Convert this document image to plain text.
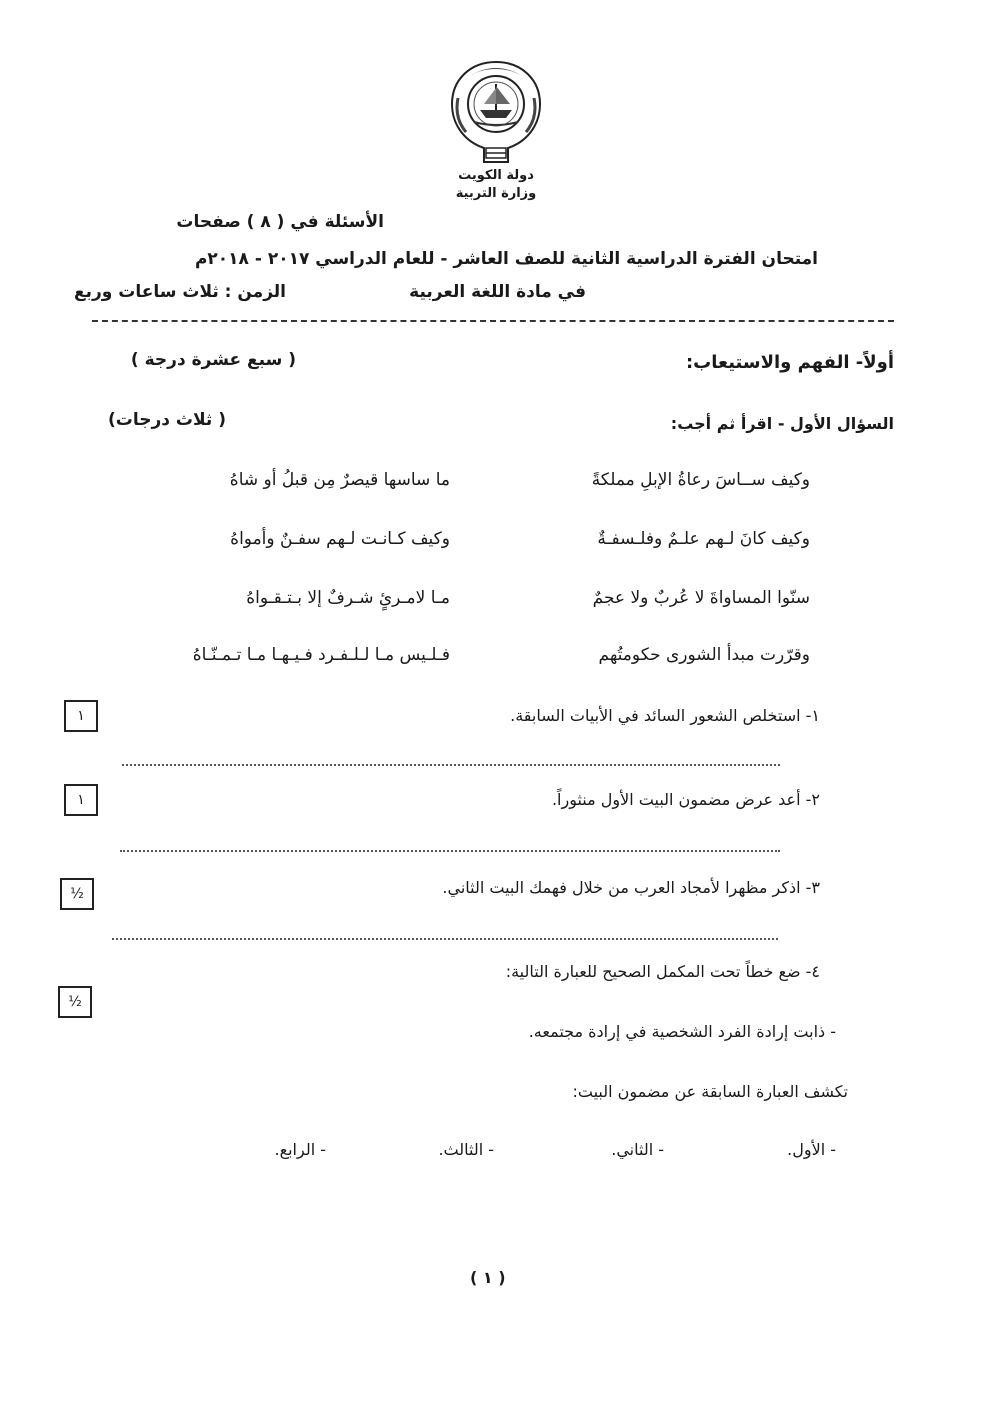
دولة الكويت
وزارة التربية
الأسئلة في ( ٨ ) صفحات
امتحان الفترة الدراسية الثانية للصف العاشر - للعام الدراسي ٢٠١٧ - ٢٠١٨م
في مادة اللغة العربية
الزمن : ثلاث ساعات وربع
أولاً- الفهم والاستيعاب:
( سبع عشرة درجة )
السؤال الأول - اقرأ ثم أجب:
( ثلاث درجات)
وكيف ســاسَ رعاةُ الإبلِ مملكةً
ما ساسها قيصرٌ مِن قبلُ أو شاهُ
وكيف كانَ لـهم علـمٌ وفلـسفـةٌ
وكيف كـانـت لـهم سفـنٌ وأمواهُ
سنّوا المساواةَ لا عُربٌ ولا عجمٌ
مـا لامـرئٍ شـرفٌ إلا بـتـقـواهُ
وقرّرت مبدأ الشورى حكومتُهم
فـلـيس مـا لـلـفـرد فـيـهـا مـا تـمـنّـاهُ
١- استخلص الشعور السائد في الأبيات السابقة.
١
٢- أعد عرض مضمون البيت الأول منثوراً.
١
٣- اذكر مظهرا لأمجاد العرب من خلال فهمك البيت الثاني.
½
٤- ضع خطاً تحت المكمل الصحيح للعبارة التالية:
½
- ذابت إرادة الفرد الشخصية في إرادة مجتمعه.
تكشف العبارة السابقة عن مضمون البيت:
- الأول.
- الثاني.
- الثالث.
- الرابع.
( ١ )
